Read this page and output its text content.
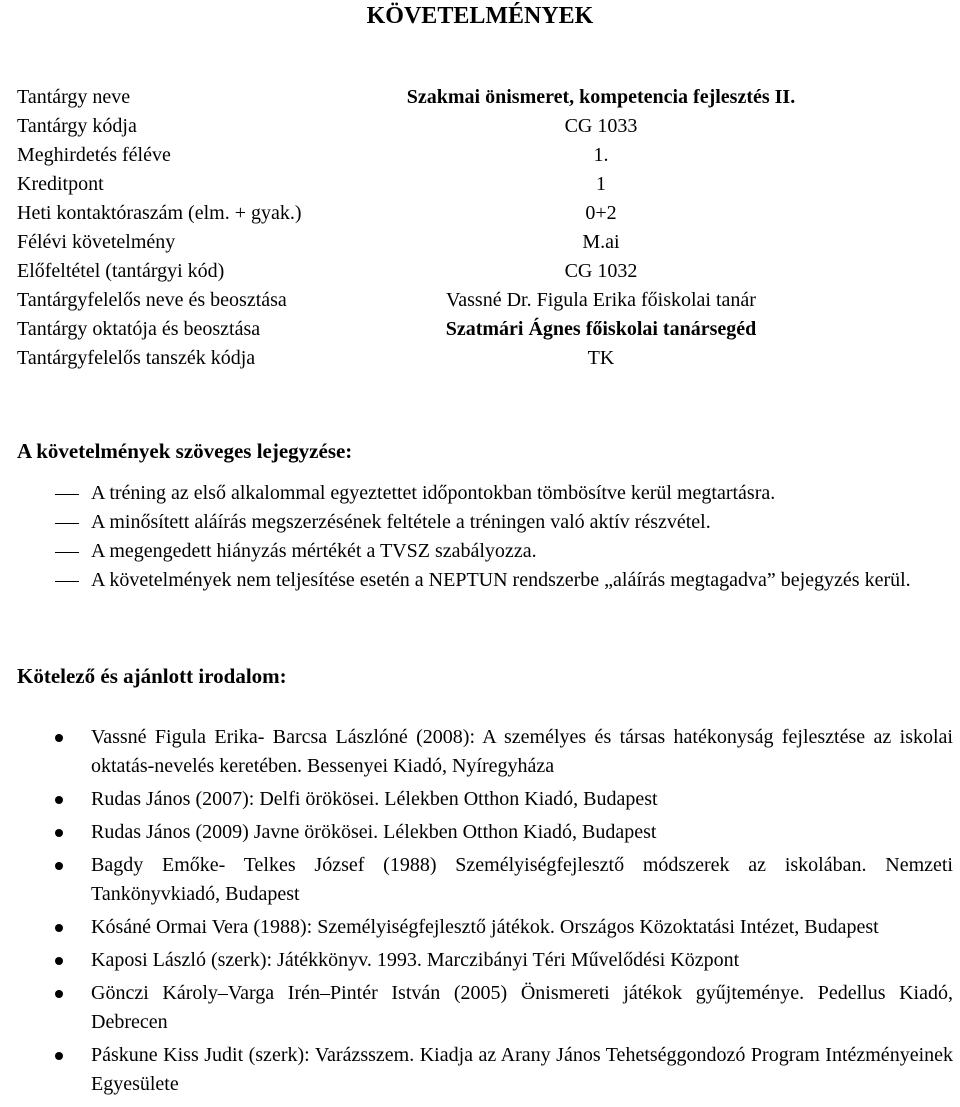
KÖVETELMÉNYEK
Tantárgy neve	Szakmai önismeret, kompetencia fejlesztés II.
Tantárgy kódja	CG 1033
Meghirdetés féléve	1.
Kreditpont	1
Heti kontaktóraszám (elm. + gyak.)	0+2
Félévi követelmény	M.ai
Előfeltétel (tantárgyi kód)	CG 1032
Tantárgyfelelős neve és beosztása	Vassné Dr. Figula Erika főiskolai tanár
Tantárgy oktatója és beosztása	Szatmári Ágnes főiskolai tanársegéd
Tantárgyfelelős tanszék kódja	TK
A követelmények szöveges lejegyzése:
A tréning az első alkalommal egyeztettet időpontokban tömbösítve kerül megtartásra.
A minősített aláírás megszerzésének feltétele a tréningen való aktív részvétel.
A megengedett hiányzás mértékét a TVSZ szabályozza.
A követelmények nem teljesítése esetén a NEPTUN rendszerbe „aláírás megtagadva” bejegyzés kerül.
Kötelező és ajánlott irodalom:
Vassné Figula Erika- Barcsa Lászlóné (2008): A személyes és társas hatékonyság fejlesztése az iskolai oktatás-nevelés keretében. Bessenyei Kiadó, Nyíregyháza
Rudas János (2007): Delfi örökösei. Lélekben Otthon Kiadó, Budapest
Rudas János (2009) Javne örökösei. Lélekben Otthon Kiadó, Budapest
Bagdy Emőke- Telkes József (1988) Személyiségfejlesztő módszerek az iskolában. Nemzeti Tankönyvkiadó, Budapest
Kósáné Ormai Vera (1988): Személyiségfejlesztő játékok. Országos Közoktatási Intézet, Budapest
Kaposi László (szerk): Játékkönyv. 1993. Marczibányi Téri Művelődési Központ
Gönczi Károly–Varga Irén–Pintér István (2005) Önismereti játékok gyűjteménye. Pedellus Kiadó, Debrecen
Páskune Kiss Judit (szerk): Varázsszem. Kiadja az Arany János Tehetséggondozó Program Intézményeinek Egyesülete
